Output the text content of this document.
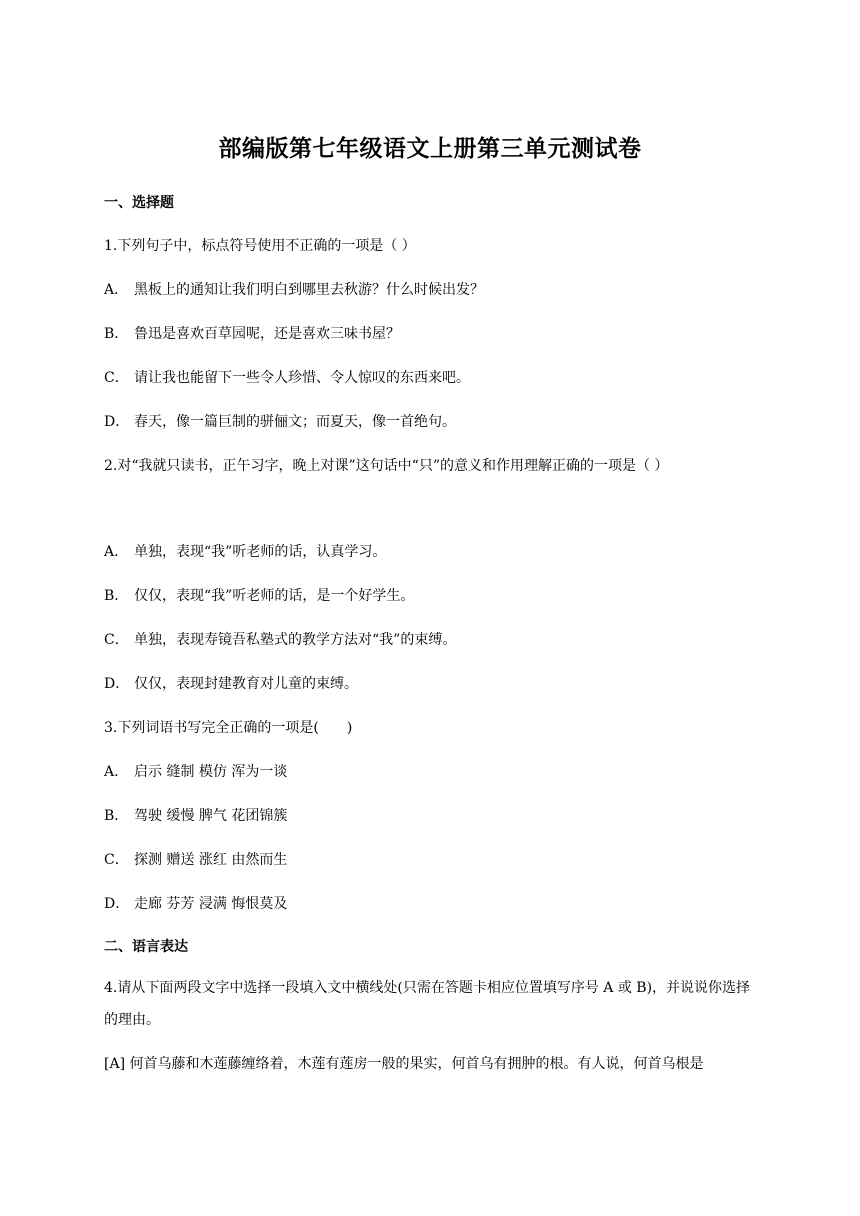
部编版第七年级语文上册第三单元测试卷
一、选择题
1.下列句子中，标点符号使用不正确的一项是（ ）
A． 黑板上的通知让我们明白到哪里去秋游？什么时候出发？
B． 鲁迅是喜欢百草园呢，还是喜欢三味书屋？
C． 请让我也能留下一些令人珍惜、令人惊叹的东西来吧。
D． 春天，像一篇巨制的骈俪文；而夏天，像一首绝句。
2.对“我就只读书，正午习字，晚上对课”这句话中“只”的意义和作用理解正确的一项是（ ）
A． 单独，表现“我”听老师的话，认真学习。
B． 仅仅，表现“我”听老师的话，是一个好学生。
C． 单独，表现寿镜吾私塾式的教学方法对“我”的束缚。
D． 仅仅，表现封建教育对儿童的束缚。
3.下列词语书写完全正确的一项是(　　)
A． 启示 缝制 模仿 浑为一谈
B． 驾驶 缓慢 脾气 花团锦簇
C． 探测 赠送 涨红 由然而生
D． 走廊 芬芳 浸满 悔恨莫及
二、语言表达
4.请从下面两段文字中选择一段填入文中横线处(只需在答题卡相应位置填写序号 A 或 B)，并说说你选择的理由。
[A] 何首乌藤和木莲藤缠络着，木莲有莲房一般的果实，何首乌有拥肿的根。有人说，何首乌根是
